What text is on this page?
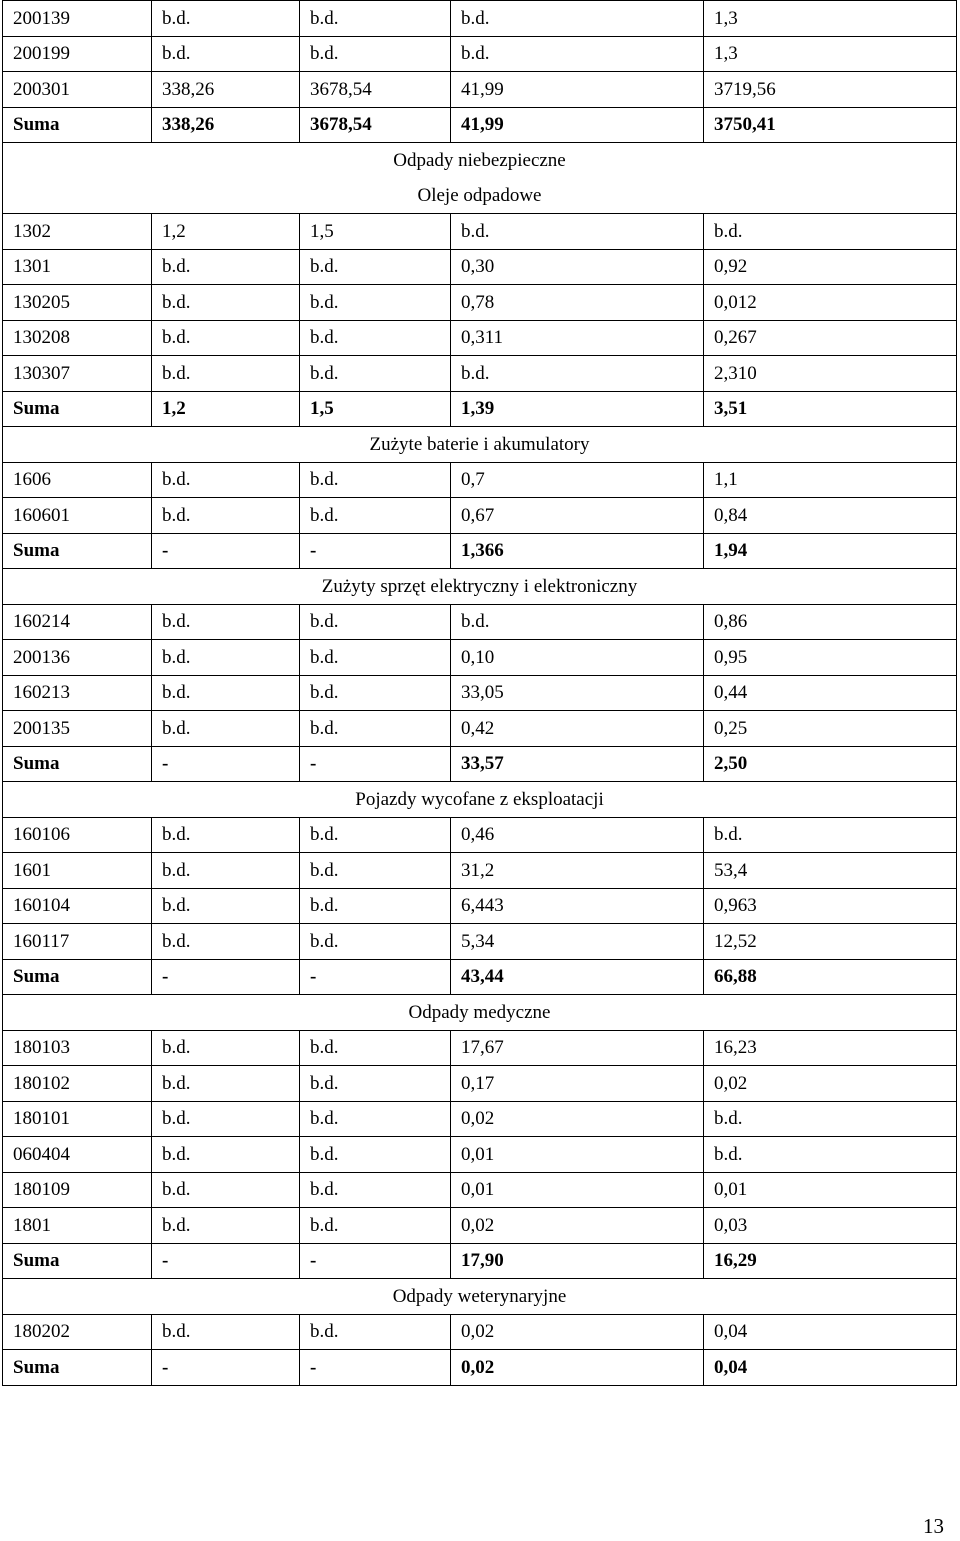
200139	b.d.	b.d.	b.d.	1,3
200199	b.d.	b.d.	b.d.	1,3
200301	338,26	3678,54	41,99	3719,56
Suma	338,26	3678,54	41,99	3750,41
Odpady niebezpieczne				
Oleje odpadowe				
1302	1,2	1,5	b.d.	b.d.
1301	b.d.	b.d.	0,30	0,92
130205	b.d.	b.d.	0,78	0,012
130208	b.d.	b.d.	0,311	0,267
130307	b.d.	b.d.	b.d.	2,310
Suma	1,2	1,5	1,39	3,51
Zużyte baterie i akumulatory				
1606	b.d.	b.d.	0,7	1,1
160601	b.d.	b.d.	0,67	0,84
Suma	-	-	1,366	1,94
Zużyty sprzęt elektryczny i elektroniczny				
160214	b.d.	b.d.	b.d.	0,86
200136	b.d.	b.d.	0,10	0,95
160213	b.d.	b.d.	33,05	0,44
200135	b.d.	b.d.	0,42	0,25
Suma	-	-	33,57	2,50
Pojazdy wycofane z eksploatacji				
160106	b.d.	b.d.	0,46	b.d.
1601	b.d.	b.d.	31,2	53,4
160104	b.d.	b.d.	6,443	0,963
160117	b.d.	b.d.	5,34	12,52
Suma	-	-	43,44	66,88
Odpady medyczne				
180103	b.d.	b.d.	17,67	16,23
180102	b.d.	b.d.	0,17	0,02
180101	b.d.	b.d.	0,02	b.d.
060404	b.d.	b.d.	0,01	b.d.
180109	b.d.	b.d.	0,01	0,01
1801	b.d.	b.d.	0,02	0,03
Suma	-	-	17,90	16,29
Odpady weterynaryjne				
180202	b.d.	b.d.	0,02	0,04
Suma	-	-	0,02	0,04
13
